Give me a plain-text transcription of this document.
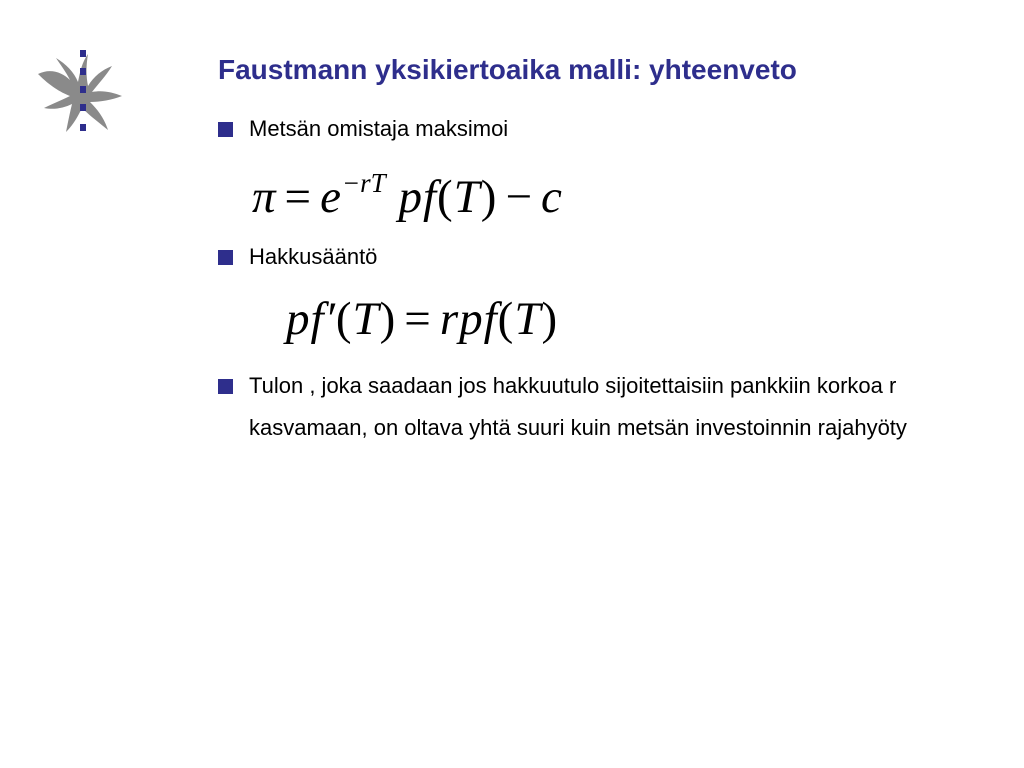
Faustmann yksikiertoaika malli: yhteenveto
Metsän omistaja maksimoi
$\pi = e^{-rT}$ pf(T) − c
Hakkusääntö
pf′(T) = rpf(T)
Tulon , joka saadaan jos hakkuutulo sijoitettaisiin pankkiin korkoa r kasvamaan, on oltava yhtä suuri kuin metsän investoinnin rajahyöty
